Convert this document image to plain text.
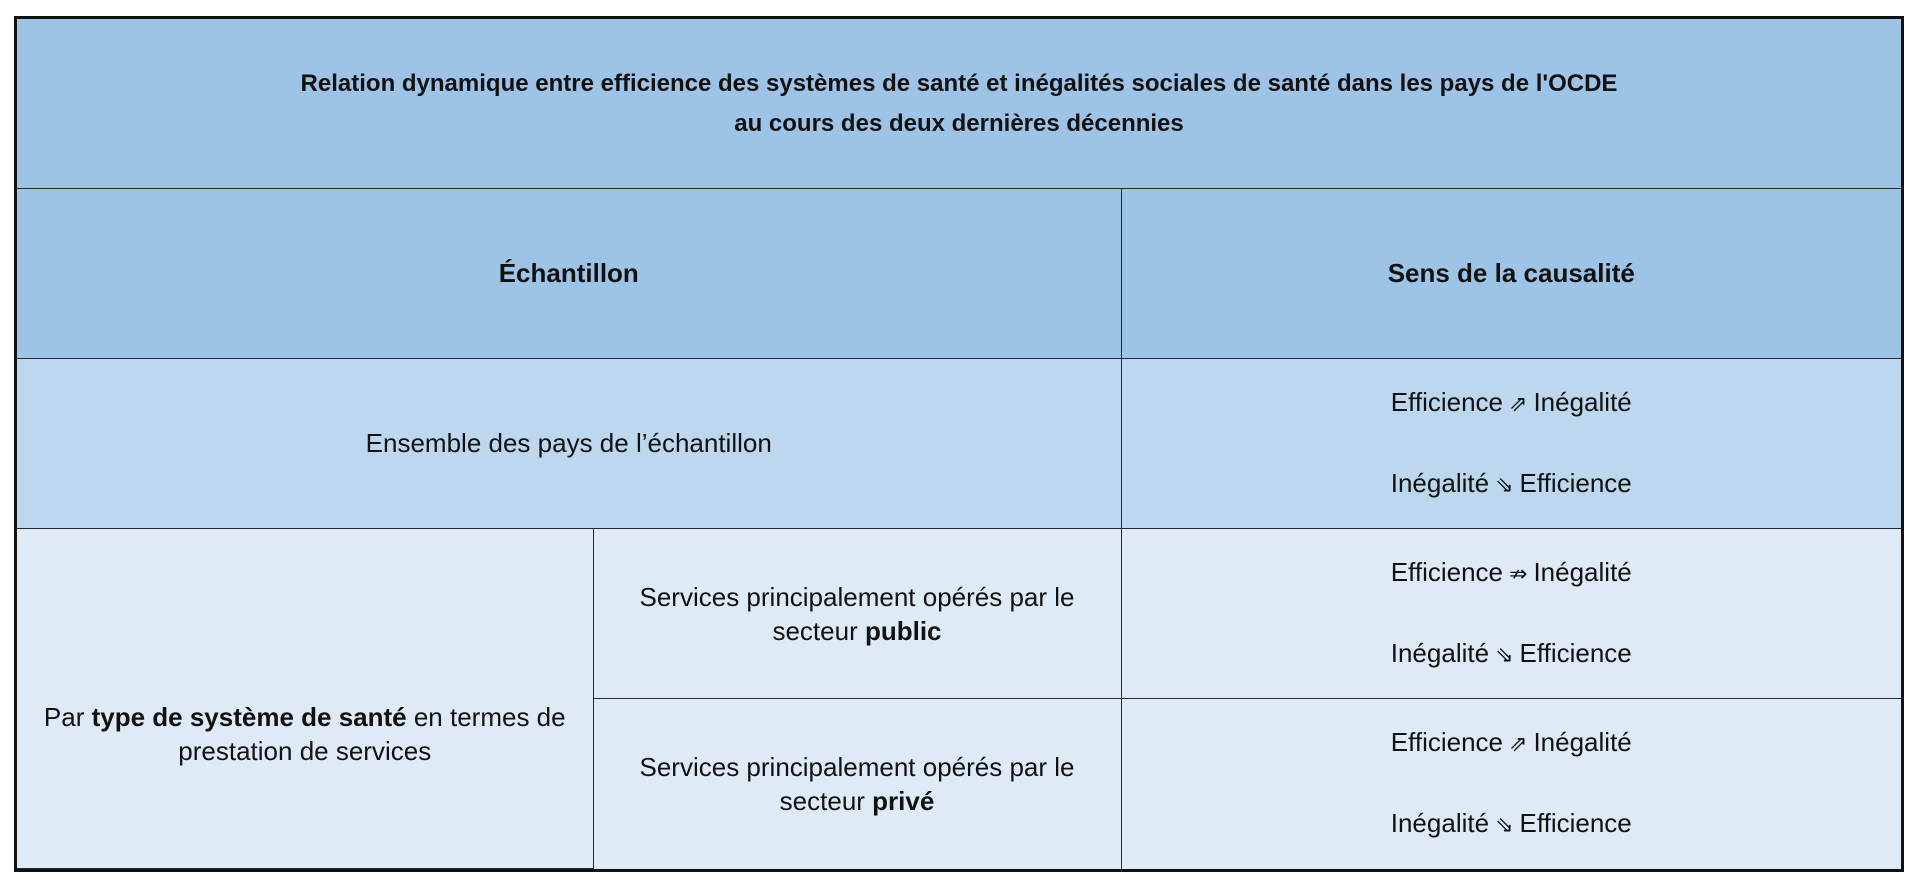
Relation dynamique entre efficience des systèmes de santé et inégalités sociales de santé dans les pays de l'OCDE
au cours des deux dernières décennies		

Échantillon		Sens de la causalité
Ensemble des pays de l’échantillon		Efficience ⇗ Inégalité
Inégalité ⇘ Efficience

Par type de système de santé en termes de prestation de services	Services principalement opérés par le secteur public	Efficience ⇏ Inégalité
Inégalité ⇘ Efficience

	Services principalement opérés par le secteur privé	Efficience ⇗ Inégalité
Inégalité ⇘ Efficience
